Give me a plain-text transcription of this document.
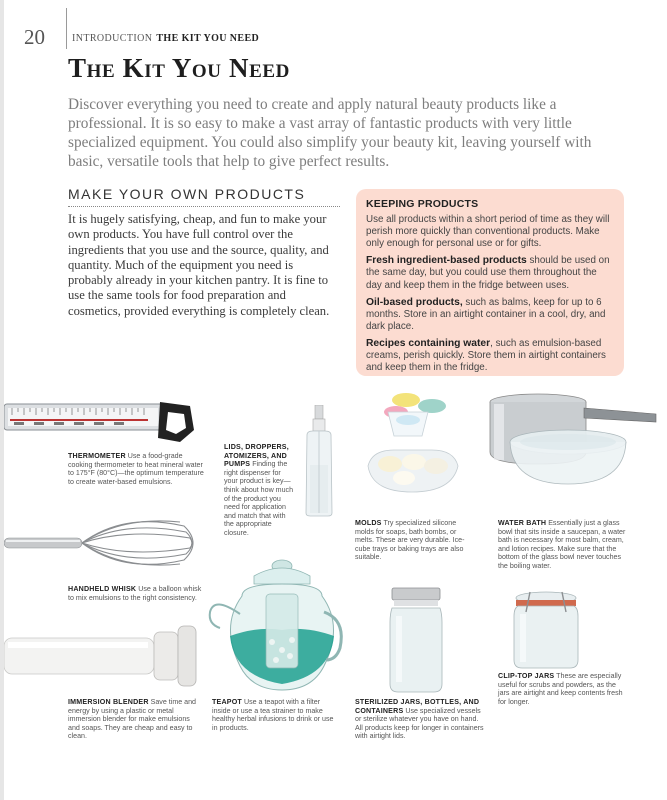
20	INTRODUCTION THE KIT YOU NEED
The Kit You Need

Discover everything you need to create and apply natural beauty products like a professional. It is so easy to make a vast array of fantastic products with very little specialized equipment. You could also simplify your beauty kit, leaving yourself with basic, versatile tools that help to give perfect results.

MAKE YOUR OWN PRODUCTS

It is hugely satisfying, cheap, and fun to make your own products. You have full control over the ingredients that you use and the source, quality, and quantity. Much of the equipment you need is probably already in your kitchen pantry. It is fine to use the same tools for food preparation and cosmetics, provided everything is completely clean.

KEEPING PRODUCTS

Use all products within a short period of time as they will perish more quickly than conventional products. Make only enough for personal use or for gifts.

Fresh ingredient-based products should be used on the same day, but you could use them throughout the day and keep them in the fridge between uses.

Oil-based products, such as balms, keep for up to 6 months. Store in an airtight container in a cool, dry, and dark place.

Recipes containing water, such as emulsion-based creams, perish quickly. Store them in airtight containers and keep them in the fridge.

THERMOMETER Use a food-grade cooking thermometer to heat mineral water to 175°F (80°C)—the optimum temperature to create water-based emulsions.

LIDS, DROPPERS, ATOMIZERS, AND PUMPS Finding the right dispenser for your product is key—think about how much of the product you need for application and match that with the appropriate closure.

MOLDS Try specialized silicone molds for soaps, bath bombs, or melts. These are very durable. Ice-cube trays or baking trays are also suitable.

WATER BATH Essentially just a glass bowl that sits inside a saucepan, a water bath is necessary for most balm, cream, and lotion recipes. Make sure that the bottom of the glass bowl never touches the boiling water.

HANDHELD WHISK Use a balloon whisk to mix emulsions to the right consistency.

TEAPOT Use a teapot with a filter inside or use a tea strainer to make healthy herbal infusions to drink or use in products.

STERILIZED JARS, BOTTLES, AND CONTAINERS Use specialized vessels or sterilize whatever you have on hand. All products keep for longer in containers with airtight lids.

CLIP-TOP JARS These are especially useful for scrubs and powders, as the jars are airtight and keep contents fresh for longer.

IMMERSION BLENDER Save time and energy by using a plastic or metal immersion blender for make emulsions and soaps. They are cheap and easy to clean.
